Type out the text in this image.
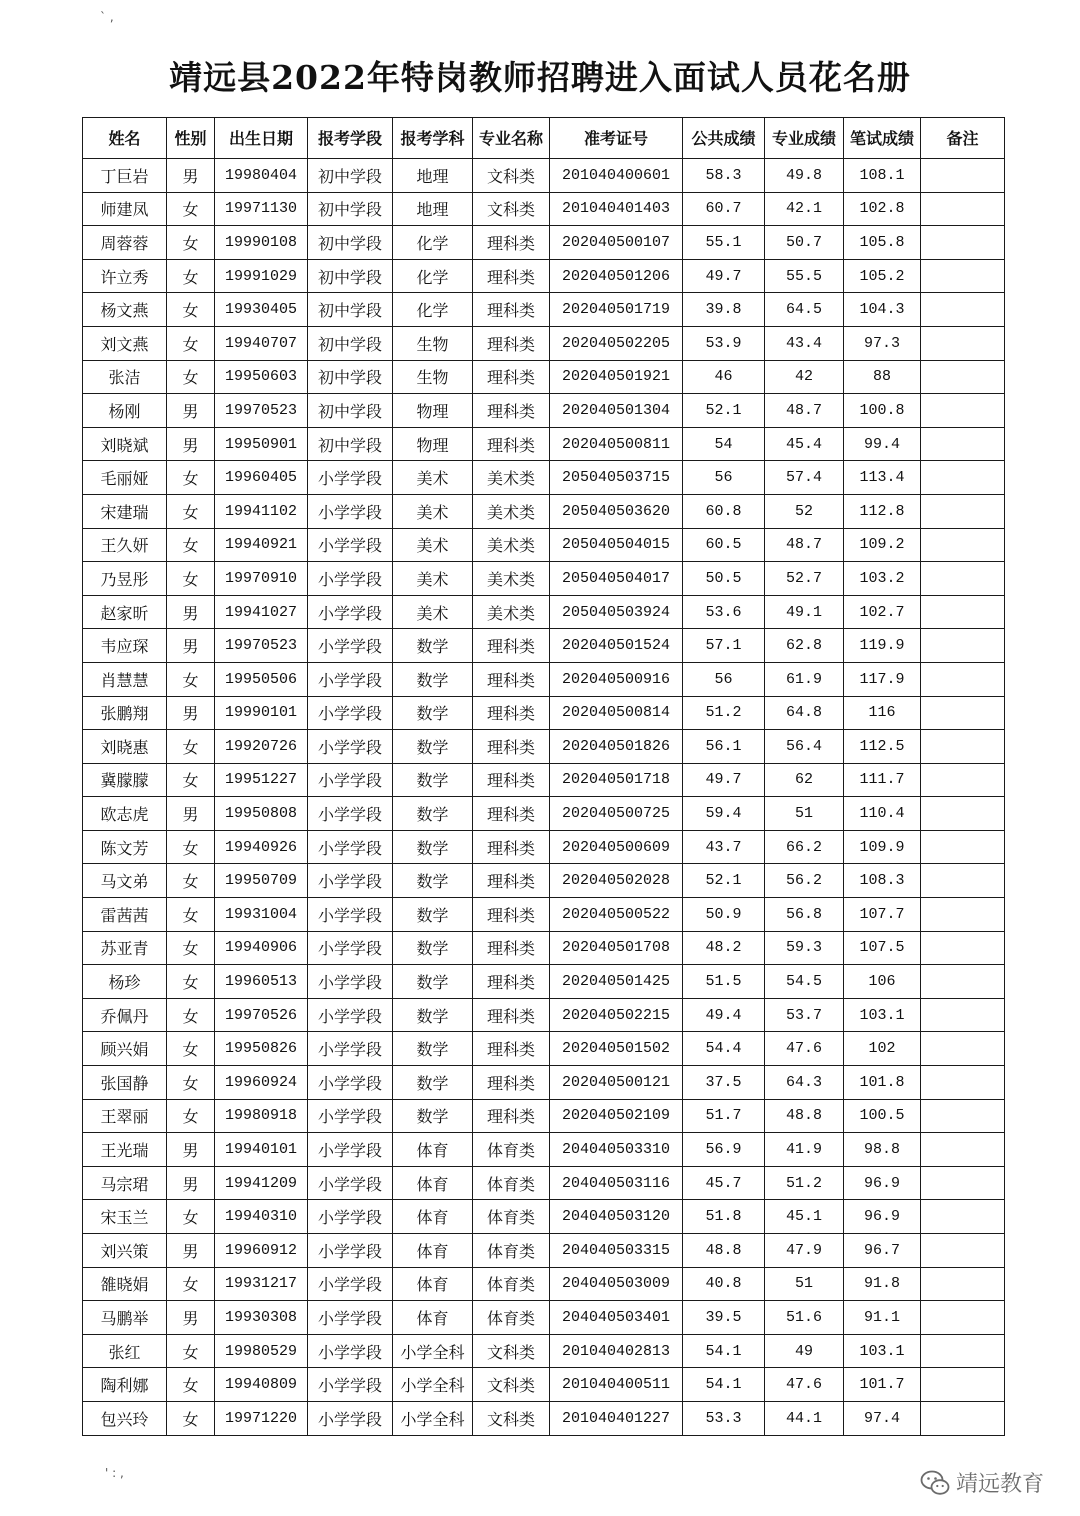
靖远县2022年特岗教师招聘进入面试人员花名册
` ,
' : ,
姓名	性别	出生日期	报考学段	报考学科	专业名称	准考证号	公共成绩	专业成绩	笔试成绩	备注
丁巨岩	男	19980404	初中学段	地理	文科类	201040400601	58.3	49.8	108.1	
师建凤	女	19971130	初中学段	地理	文科类	201040401403	60.7	42.1	102.8	
周蓉蓉	女	19990108	初中学段	化学	理科类	202040500107	55.1	50.7	105.8	
许立秀	女	19991029	初中学段	化学	理科类	202040501206	49.7	55.5	105.2	
杨文燕	女	19930405	初中学段	化学	理科类	202040501719	39.8	64.5	104.3	
刘文燕	女	19940707	初中学段	生物	理科类	202040502205	53.9	43.4	97.3	
张洁	女	19950603	初中学段	生物	理科类	202040501921	46	42	88	
杨刚	男	19970523	初中学段	物理	理科类	202040501304	52.1	48.7	100.8	
刘晓斌	男	19950901	初中学段	物理	理科类	202040500811	54	45.4	99.4	
毛丽娅	女	19960405	小学学段	美术	美术类	205040503715	56	57.4	113.4	
宋建瑞	女	19941102	小学学段	美术	美术类	205040503620	60.8	52	112.8	
王久妍	女	19940921	小学学段	美术	美术类	205040504015	60.5	48.7	109.2	
乃昱彤	女	19970910	小学学段	美术	美术类	205040504017	50.5	52.7	103.2	
赵家昕	男	19941027	小学学段	美术	美术类	205040503924	53.6	49.1	102.7	
韦应琛	男	19970523	小学学段	数学	理科类	202040501524	57.1	62.8	119.9	
肖慧慧	女	19950506	小学学段	数学	理科类	202040500916	56	61.9	117.9	
张鹏翔	男	19990101	小学学段	数学	理科类	202040500814	51.2	64.8	116	
刘晓惠	女	19920726	小学学段	数学	理科类	202040501826	56.1	56.4	112.5	
冀朦朦	女	19951227	小学学段	数学	理科类	202040501718	49.7	62	111.7	
欧志虎	男	19950808	小学学段	数学	理科类	202040500725	59.4	51	110.4	
陈文芳	女	19940926	小学学段	数学	理科类	202040500609	43.7	66.2	109.9	
马文弟	女	19950709	小学学段	数学	理科类	202040502028	52.1	56.2	108.3	
雷茜茜	女	19931004	小学学段	数学	理科类	202040500522	50.9	56.8	107.7	
苏亚青	女	19940906	小学学段	数学	理科类	202040501708	48.2	59.3	107.5	
杨珍	女	19960513	小学学段	数学	理科类	202040501425	51.5	54.5	106	
乔佩丹	女	19970526	小学学段	数学	理科类	202040502215	49.4	53.7	103.1	
顾兴娟	女	19950826	小学学段	数学	理科类	202040501502	54.4	47.6	102	
张国静	女	19960924	小学学段	数学	理科类	202040500121	37.5	64.3	101.8	
王翠丽	女	19980918	小学学段	数学	理科类	202040502109	51.7	48.8	100.5	
王光瑞	男	19940101	小学学段	体育	体育类	204040503310	56.9	41.9	98.8	
马宗珺	男	19941209	小学学段	体育	体育类	204040503116	45.7	51.2	96.9	
宋玉兰	女	19940310	小学学段	体育	体育类	204040503120	51.8	45.1	96.9	
刘兴策	男	19960912	小学学段	体育	体育类	204040503315	48.8	47.9	96.7	
雒晓娟	女	19931217	小学学段	体育	体育类	204040503009	40.8	51	91.8	
马鹏举	男	19930308	小学学段	体育	体育类	204040503401	39.5	51.6	91.1	
张红	女	19980529	小学学段	小学全科	文科类	201040402813	54.1	49	103.1	
陶利娜	女	19940809	小学学段	小学全科	文科类	201040400511	54.1	47.6	101.7	
包兴玲	女	19971220	小学学段	小学全科	文科类	201040401227	53.3	44.1	97.4	
靖远教育
